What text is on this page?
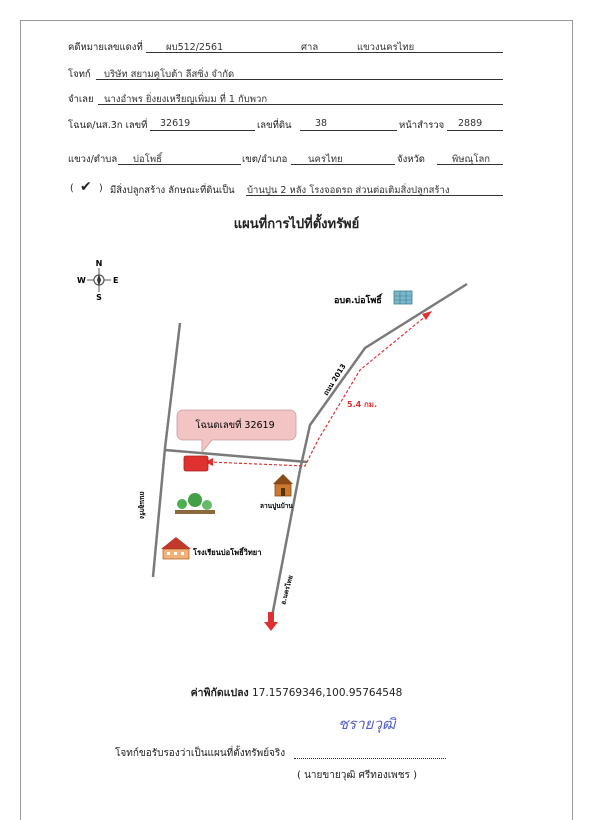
คดีหมายเลขแดงที่ ผบ512/2561	ศาล	แขวงนครไทย
โจทก์ บริษัท สยามคูโบต้า ลีสซิ่ง จำกัด
จำเลย นางอำพร ยิ่งยงเหรียญเพิ่มม ที่ 1 กับพวก
โฉนด/นส.3ก เลขที่ 32619	เลขที่ดิน 38	หน้าสำรวจ 2889
แขวง/ตำบล บ่อโพธิ์	เขต/อำเภอ นครไทย	จังหวัด	พิษณุโลก
( ✔ ) มีสิ่งปลูกสร้าง ลักษณะที่ดินเป็น บ้านปูน 2 หลัง โรงจอดรถ ส่วนต่อเติมสิ่งปลูกสร้าง
แผนที่การไปที่ตั้งทรัพย์
N
S
E
W
อบต.บ่อโพธิ์
ถนน 2013
5.4 กม.
โฉนดเลขที่ 32619
ถนนลูกรัง	ลานปูนบ้าน
โรงเรียนบ่อโพธิ์วิทยา
อ.นครไทย
ค่าพิกัดแปลง 17.15769346,100.95764548
ชรายวุฒิ
โจทก์ขอรับรองว่าเป็นแผนที่ตั้งทรัพย์จริง
( นายขายวุฒิ ศรีทองเพชร )
